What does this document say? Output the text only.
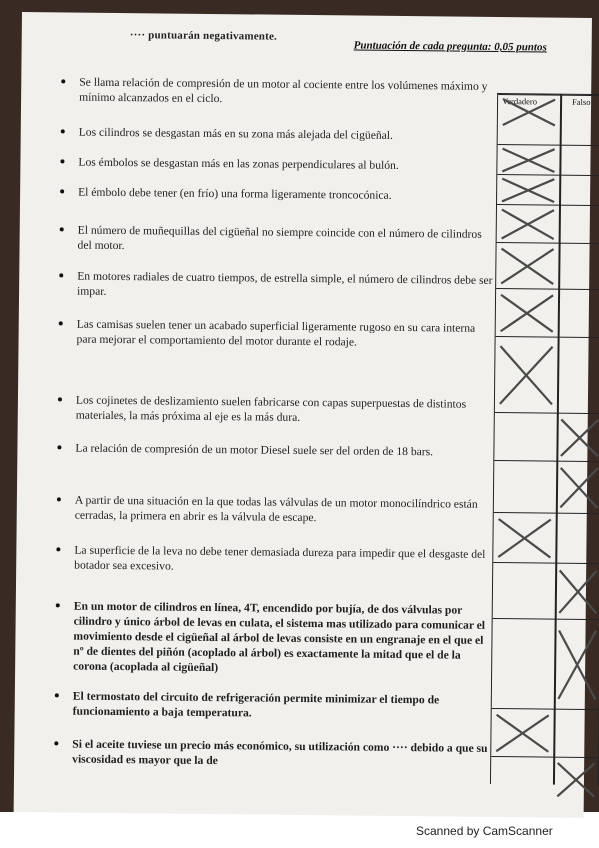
···· puntuarán negativamente.
Puntuación de cada pregunta: 0,05 puntos
Verdadero	Falso
Se llama relación de compresión de un motor al cociente entre los volúmenes máximo y mínimo alcanzados en el ciclo.
Los cilindros se desgastan más en su zona más alejada del cigüeñal.
Los émbolos se desgastan más en las zonas perpendiculares al bulón.
El émbolo debe tener (en frío) una forma ligeramente troncocónica.
El número de muñequillas del cigüeñal no siempre coincide con el número de cilindros del motor.
En motores radiales de cuatro tiempos, de estrella simple, el número de cilindros debe ser impar.
Las camisas suelen tener un acabado superficial ligeramente rugoso en su cara interna para mejorar el comportamiento del motor durante el rodaje.
Los cojinetes de deslizamiento suelen fabricarse con capas superpuestas de distintos materiales, la más próxima al eje es la más dura.
La relación de compresión de un motor Diesel suele ser del orden de 18 bars.
A partir de una situación en la que todas las válvulas de un motor monocilíndrico están cerradas, la primera en abrir es la válvula de escape.
La superficie de la leva no debe tener demasiada dureza para impedir que el desgaste del botador sea excesivo.
En un motor de cilindros en línea, 4T, encendido por bujía, de dos válvulas por cilindro y único árbol de levas en culata, el sistema mas utilizado para comunicar el movimiento desde el cigüeñal al árbol de levas consiste en un engranaje en el que el nº de dientes del piñón (acoplado al árbol) es exactamente la mitad que el de la corona (acoplada al cigüeñal)
El termostato del circuito de refrigeración permite minimizar el tiempo de funcionamiento a baja temperatura.
Si el aceite tuviese un precio más económico, su utilización como ···· debido a que su viscosidad es mayor que la de
Scanned by CamScanner
